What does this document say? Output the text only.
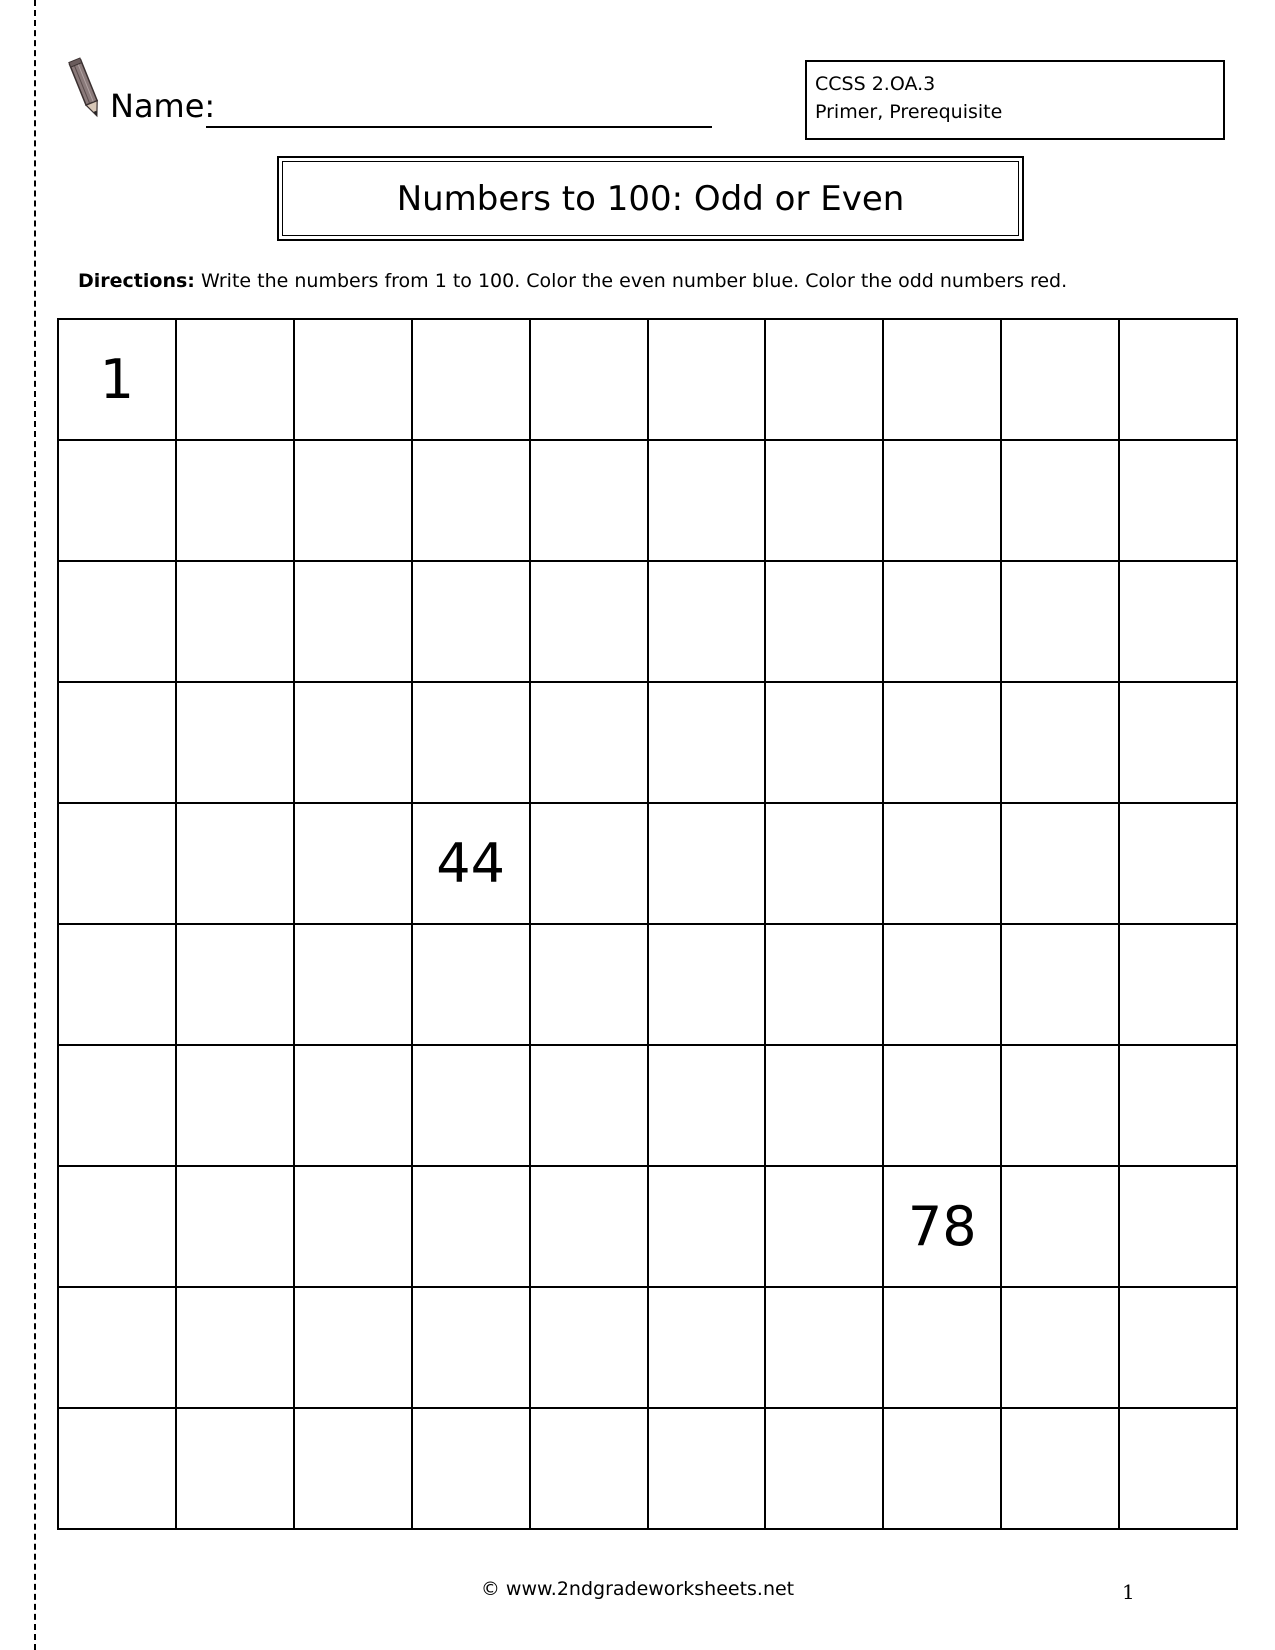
Name:
CCSS 2.OA.3
Primer, Prerequisite
Numbers to 100: Odd or Even
Directions: Write the numbers from 1 to 100. Color the even number blue. Color the odd numbers red.
1
44
78
© www.2ndgradeworksheets.net	1
